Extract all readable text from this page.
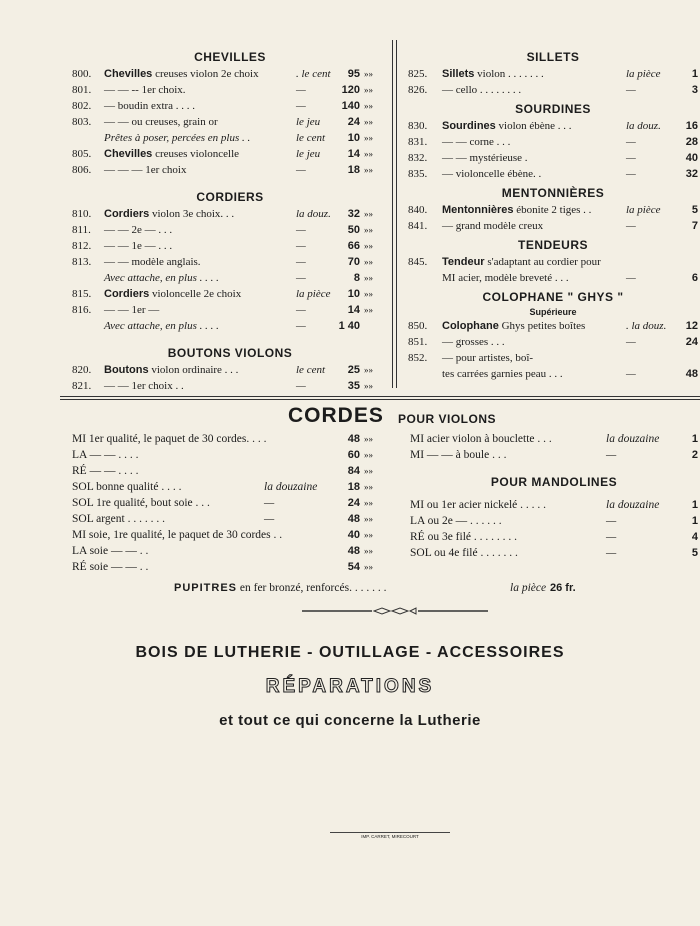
CHEVILLES
800.	Chevilles creuses violon 2e choix	. le cent	95 »»
801.	— — -- 1er choix.	—	120 »»
802.	— boudin extra . . . .	—	140 »»
803.	— — ou creuses, grain or	le jeu	24 »»
Prêtes à poser, percées en plus . .	le cent	10 »»
805.	Chevilles creuses violoncelle	le jeu	14 »»
806.	— — — 1er choix	—	18 »»
CORDIERS
810.	Cordiers violon 3e choix. . .	la douz.	32 »»
811.	— — 2e — . . .	—	50 »»
812.	— — 1e — . . .	—	66 »»
813.	— — modèle anglais.	—	70 »»
Avec attache, en plus . . . .	—	8 »»
815.	Cordiers violoncelle 2e choix	la pièce	10 »»
816.	— — 1er —	—	14 »»
Avec attache, en plus . . . .	—	1 40
BOUTONS VIOLONS
820.	Boutons violon ordinaire . . .	le cent	25 »»
821.	— — 1er choix . .	—	35 »»
SILLETS
825.	Sillets violon . . . . . . .	la pièce	1
826.	— cello . . . . . . . .	—	3
SOURDINES
830.	Sourdines violon ébène . . .	la douz.	16
831.	— — corne . . .	—	28
832.	— — mystérieuse .	—	40
835.	— violoncelle ébène. .	—	32
MENTONNIÈRES
840.	Mentonnières ébonite 2 tiges . .	la pièce	5
841.	— grand modèle creux	—	7
TENDEURS
845.	Tendeur s'adaptant au cordier pour
MI acier, modèle breveté . . .	—	6
COLOPHANE " GHYS "
Supérieure
850.	Colophane Ghys petites boîtes	. la douz.	12
851.	— grosses . . .	—	24
852.	— pour artistes, boî-
tes carrées garnies peau . . .	—	48
CORDES POUR VIOLONS
MI 1er qualité, le paquet de 30 cordes. . . .	48 »»
LA — — . . . .	60 »»
RÉ — — . . . .	84 »»
SOL bonne qualité . . . .	la douzaine	18 »»
SOL 1re qualité, bout soie . . .	—	24 »»
SOL argent . . . . . . .	—	48 »»
MI soie, 1re qualité, le paquet de 30 cordes . .	40 »»
LA soie — — . .	48 »»
RÉ soie — — . .	54 »»
MI acier violon à bouclette . . .	la douzaine	1
MI — — à boule . . .	—	2
POUR MANDOLINES
MI ou 1er acier nickelé . . . . .	la douzaine	1
LA ou 2e — . . . . . .	—	1
RÉ ou 3e filé . . . . . . . .	—	4
SOL ou 4e filé . . . . . . .	—	5
PUPITRES en fer bronzé, renforcés. . . . . . .	la pièce 26 fr.
BOIS DE LUTHERIE - OUTILLAGE - ACCESSOIRES
RÉPARATIONS
et tout ce qui concerne la Lutherie
IMP. CARRET, MIRECOURT
